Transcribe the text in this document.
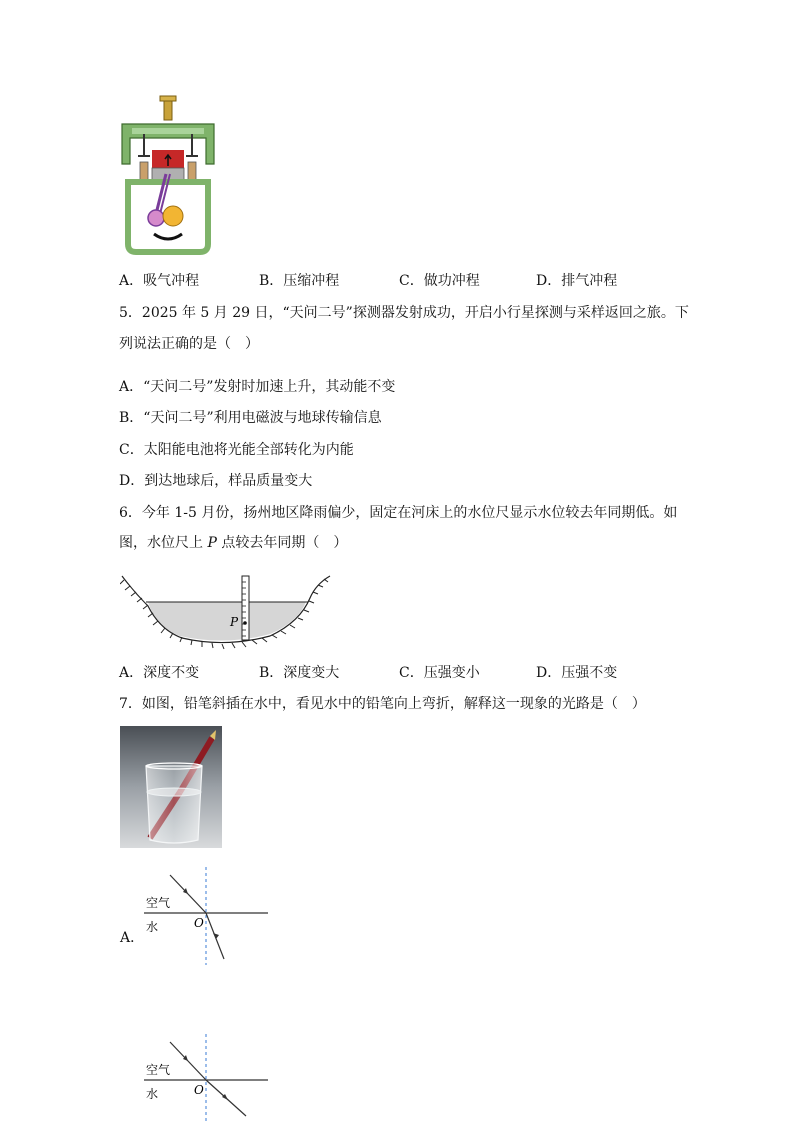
A．吸气冲程	B．压缩冲程	C．做功冲程	D．排气冲程
5．2025 年 5 月 29 日，“天问二号”探测器发射成功，开启小行星探测与采样返回之旅。下
列说法正确的是（　）
A．“天问二号”发射时加速上升，其动能不变
B．“天问二号”利用电磁波与地球传输信息
C．太阳能电池将光能全部转化为内能
D．到达地球后，样品质量变大
6．今年 1-5 月份，扬州地区降雨偏少，固定在河床上的水位尺显示水位较去年同期低。如
图，水位尺上 P 点较去年同期（　）
P
A．深度不变	B．深度变大	C．压强变小	D．压强不变
7．如图，铅笔斜插在水中，看见水中的铅笔向上弯折，解释这一现象的光路是（　）
空气
水	O
A．
空气
水	O
